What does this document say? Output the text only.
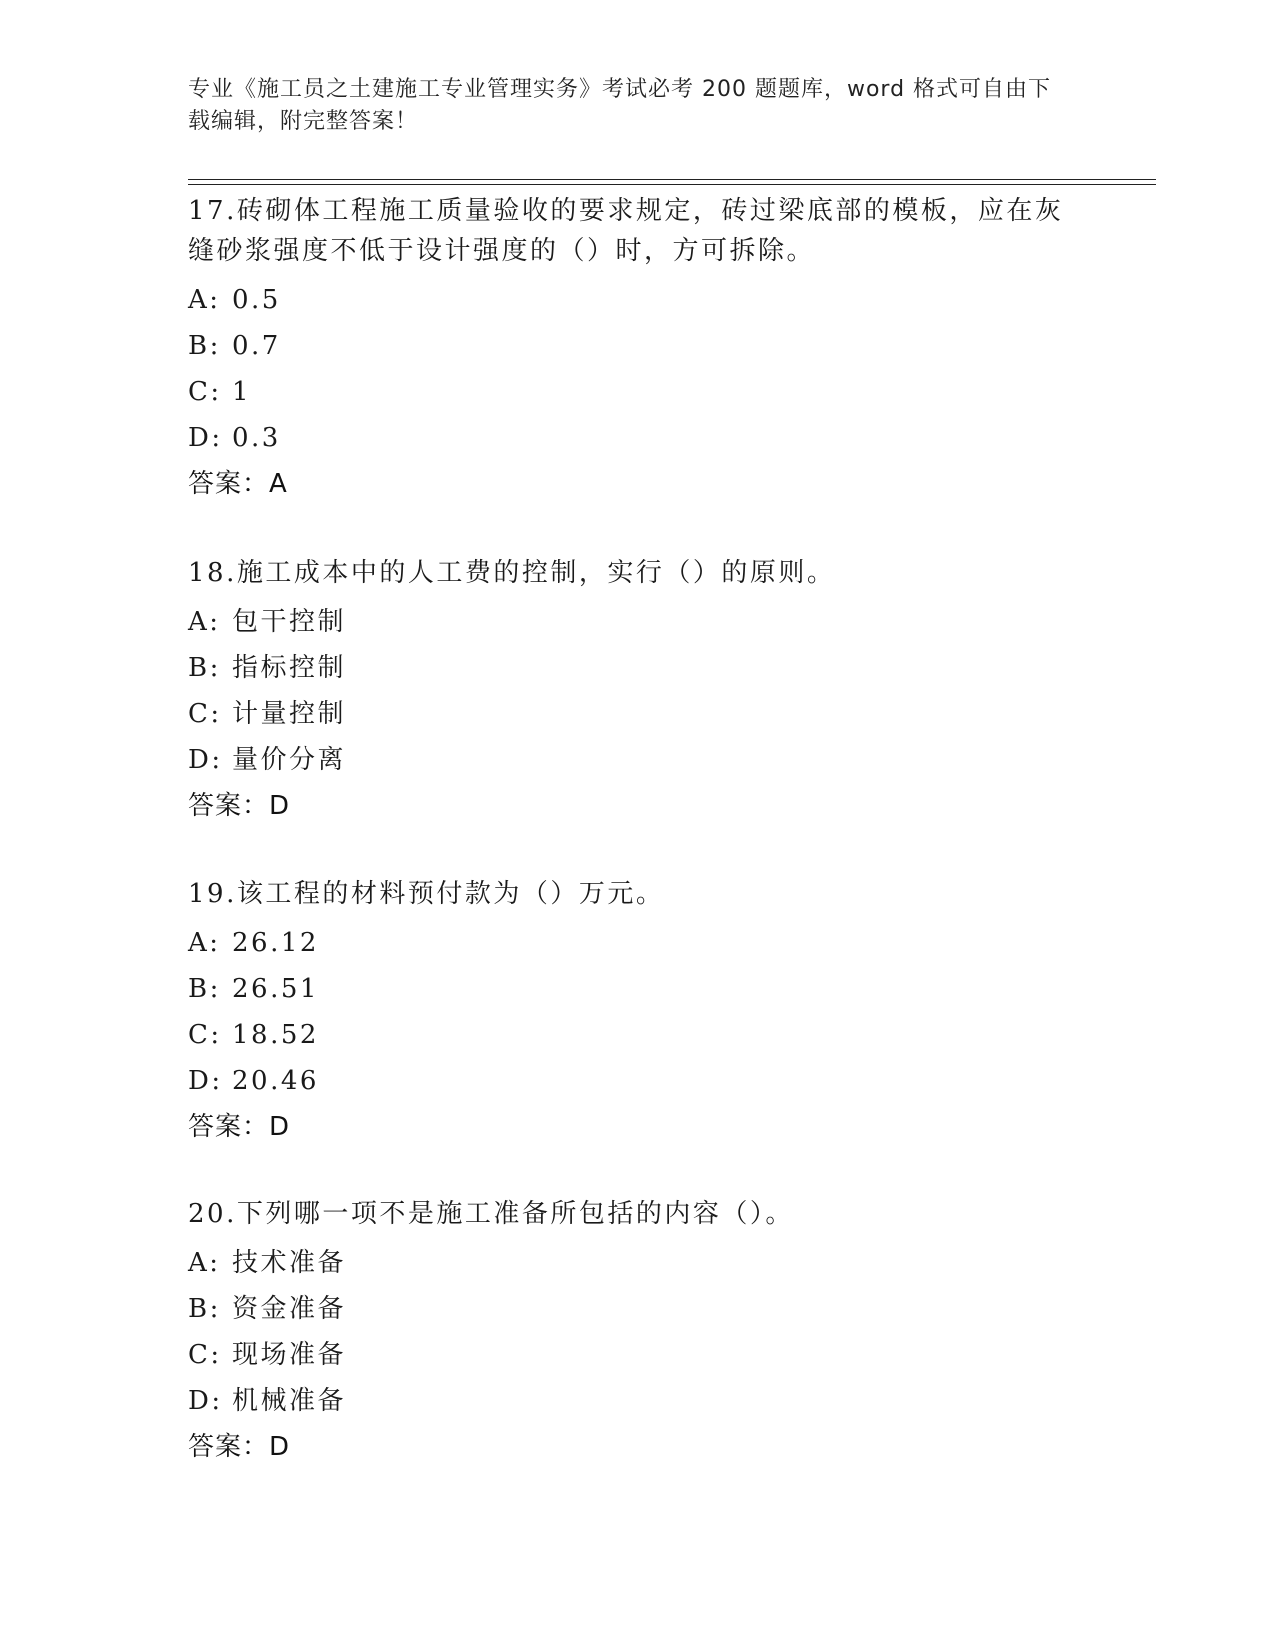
专业《施工员之土建施工专业管理实务》考试必考 200 题题库，word 格式可自由下载编辑，附完整答案！
17.砖砌体工程施工质量验收的要求规定，砖过梁底部的模板，应在灰缝砂浆强度不低于设计强度的（）时，方可拆除。
A: 0.5
B: 0.7
C: 1
D: 0.3
答案：A
18.施工成本中的人工费的控制，实行（）的原则。
A: 包干控制
B: 指标控制
C: 计量控制
D: 量价分离
答案：D
19.该工程的材料预付款为（）万元。
A: 26.12
B: 26.51
C: 18.52
D: 20.46
答案：D
20.下列哪一项不是施工准备所包括的内容（）。
A: 技术准备
B: 资金准备
C: 现场准备
D: 机械准备
答案：D
